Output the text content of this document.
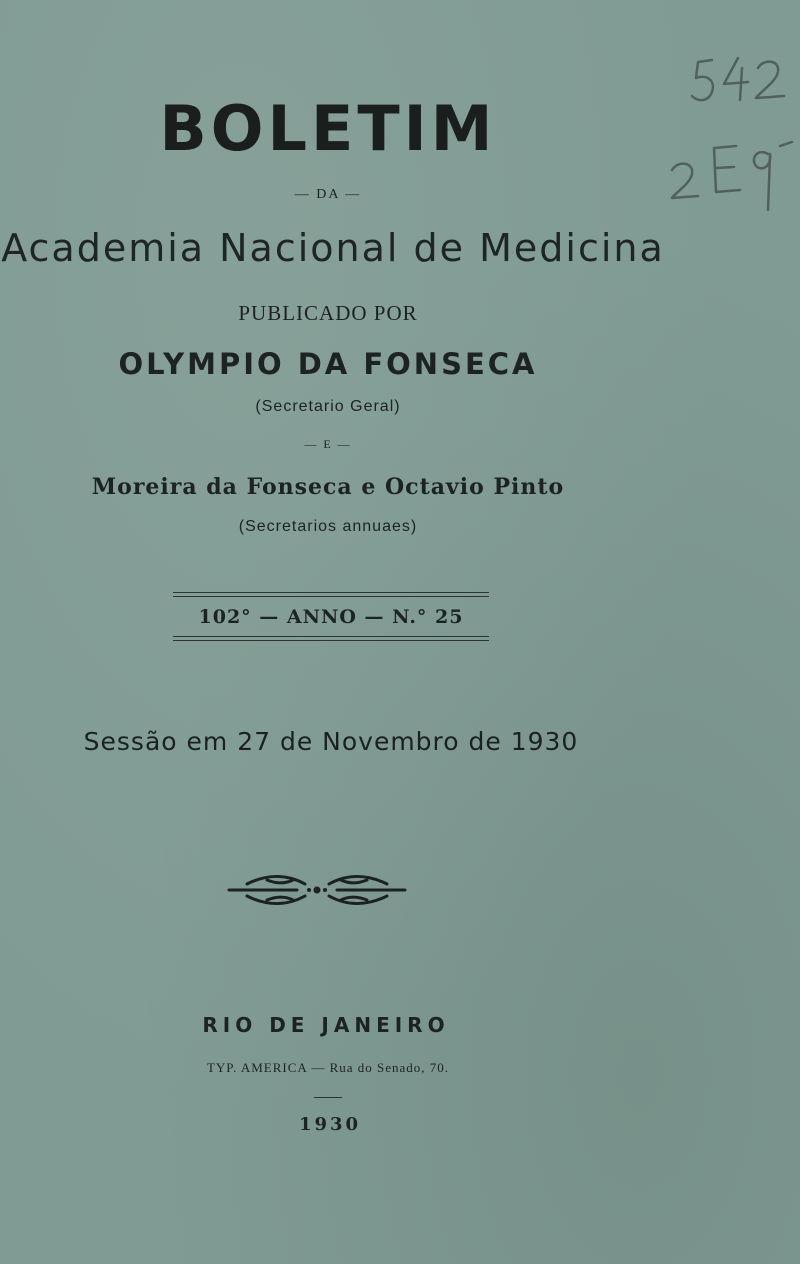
BOLETIM
— DA —
Academia Nacional de Medicina
PUBLICADO POR
OLYMPIO DA FONSECA
(Secretario Geral)
— E —
Moreira da Fonseca e Octavio Pinto
(Secretarios annuaes)
102° — ANNO — N.° 25
Sessão em 27 de Novembro de 1930
RIO DE JANEIRO
TYP. AMERICA — Rua do Senado, 70.
1930
